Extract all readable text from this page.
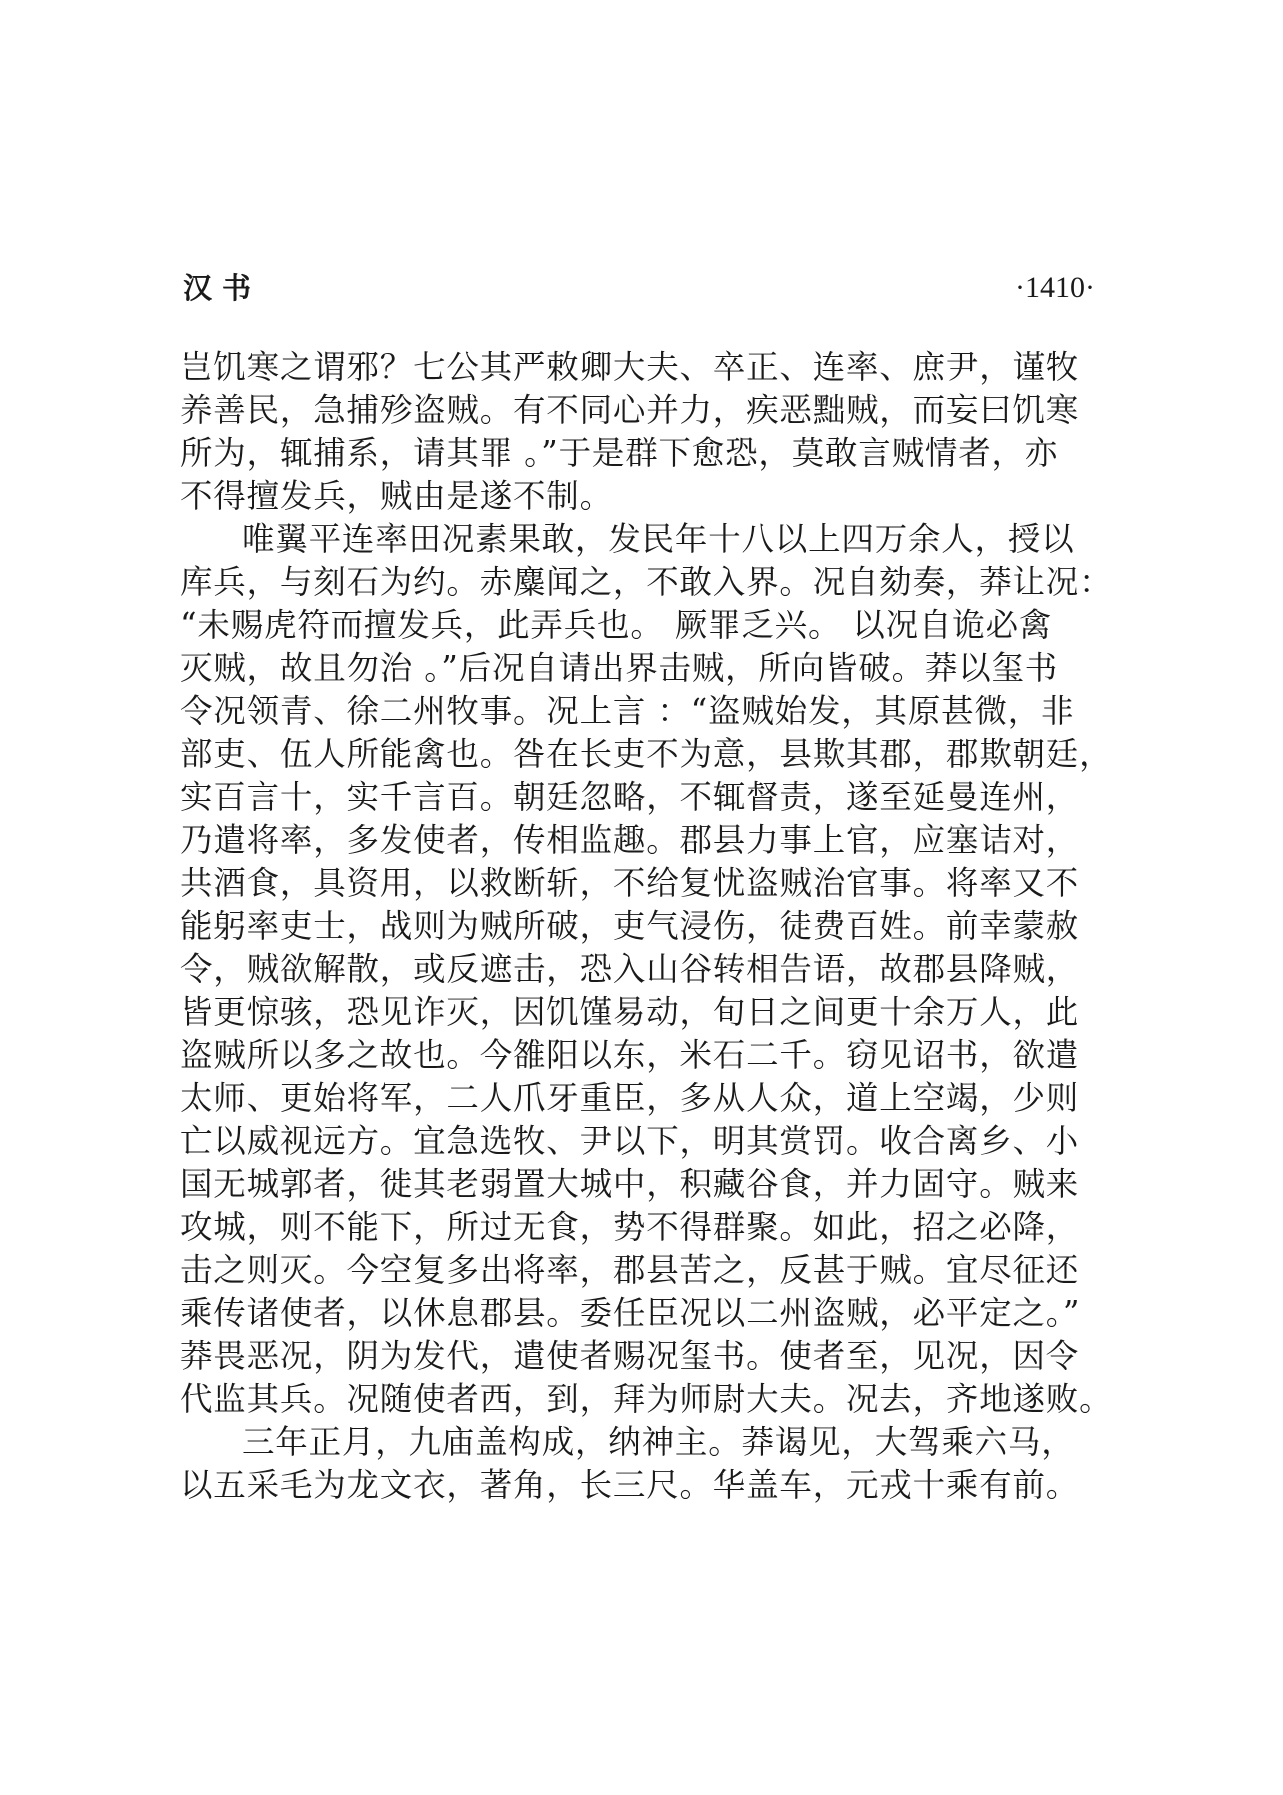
汉书	·1410·

岂饥寒之谓邪？七公其严敕卿大夫、卒正、连率、庶尹，谨牧
养善民，急捕殄盗贼。有不同心并力，疾恶黜贼，而妄曰饥寒
所为，辄捕系，请其罪 。”于是群下愈恐，莫敢言贼情者，亦
不得擅发兵，贼由是遂不制。

唯翼平连率田况素果敢，发民年十八以上四万余人，授以
库兵，与刻石为约。赤麋闻之，不敢入界。况自劾奏，莽让况：
“未赐虎符而擅发兵，此弄兵也。 厥罪乏兴。 以况自诡必禽
灭贼，故且勿治 。”后况自请出界击贼，所向皆破。莽以玺书
令况领青、徐二州牧事。况上言 ：“盗贼始发，其原甚微，非
部吏、伍人所能禽也。咎在长吏不为意，县欺其郡，郡欺朝廷，
实百言十，实千言百。朝廷忽略，不辄督责，遂至延曼连州，
乃遣将率，多发使者，传相监趣。郡县力事上官，应塞诘对，
共酒食，具资用，以救断斩，不给复忧盗贼治官事。将率又不
能躬率吏士，战则为贼所破，吏气浸伤，徒费百姓。前幸蒙赦
令，贼欲解散，或反遮击，恐入山谷转相告语，故郡县降贼，
皆更惊骇，恐见诈灭，因饥馑易动，旬日之间更十余万人，此
盗贼所以多之故也。今雒阳以东，米石二千。窃见诏书，欲遣
太师、更始将军，二人爪牙重臣，多从人众，道上空竭，少则
亡以威视远方。宜急选牧、尹以下，明其赏罚。收合离乡、小
国无城郭者，徙其老弱置大城中，积藏谷食，并力固守。贼来
攻城，则不能下，所过无食，势不得群聚。如此，招之必降，
击之则灭。今空复多出将率，郡县苦之，反甚于贼。宜尽征还
乘传诸使者，以休息郡县。委任臣况以二州盗贼，必平定之。”
莽畏恶况，阴为发代，遣使者赐况玺书。使者至，见况，因令
代监其兵。况随使者西，到，拜为师尉大夫。况去，齐地遂败。

三年正月，九庙盖构成，纳神主。莽谒见，大驾乘六马，
以五采毛为龙文衣，著角，长三尺。华盖车，元戎十乘有前。
